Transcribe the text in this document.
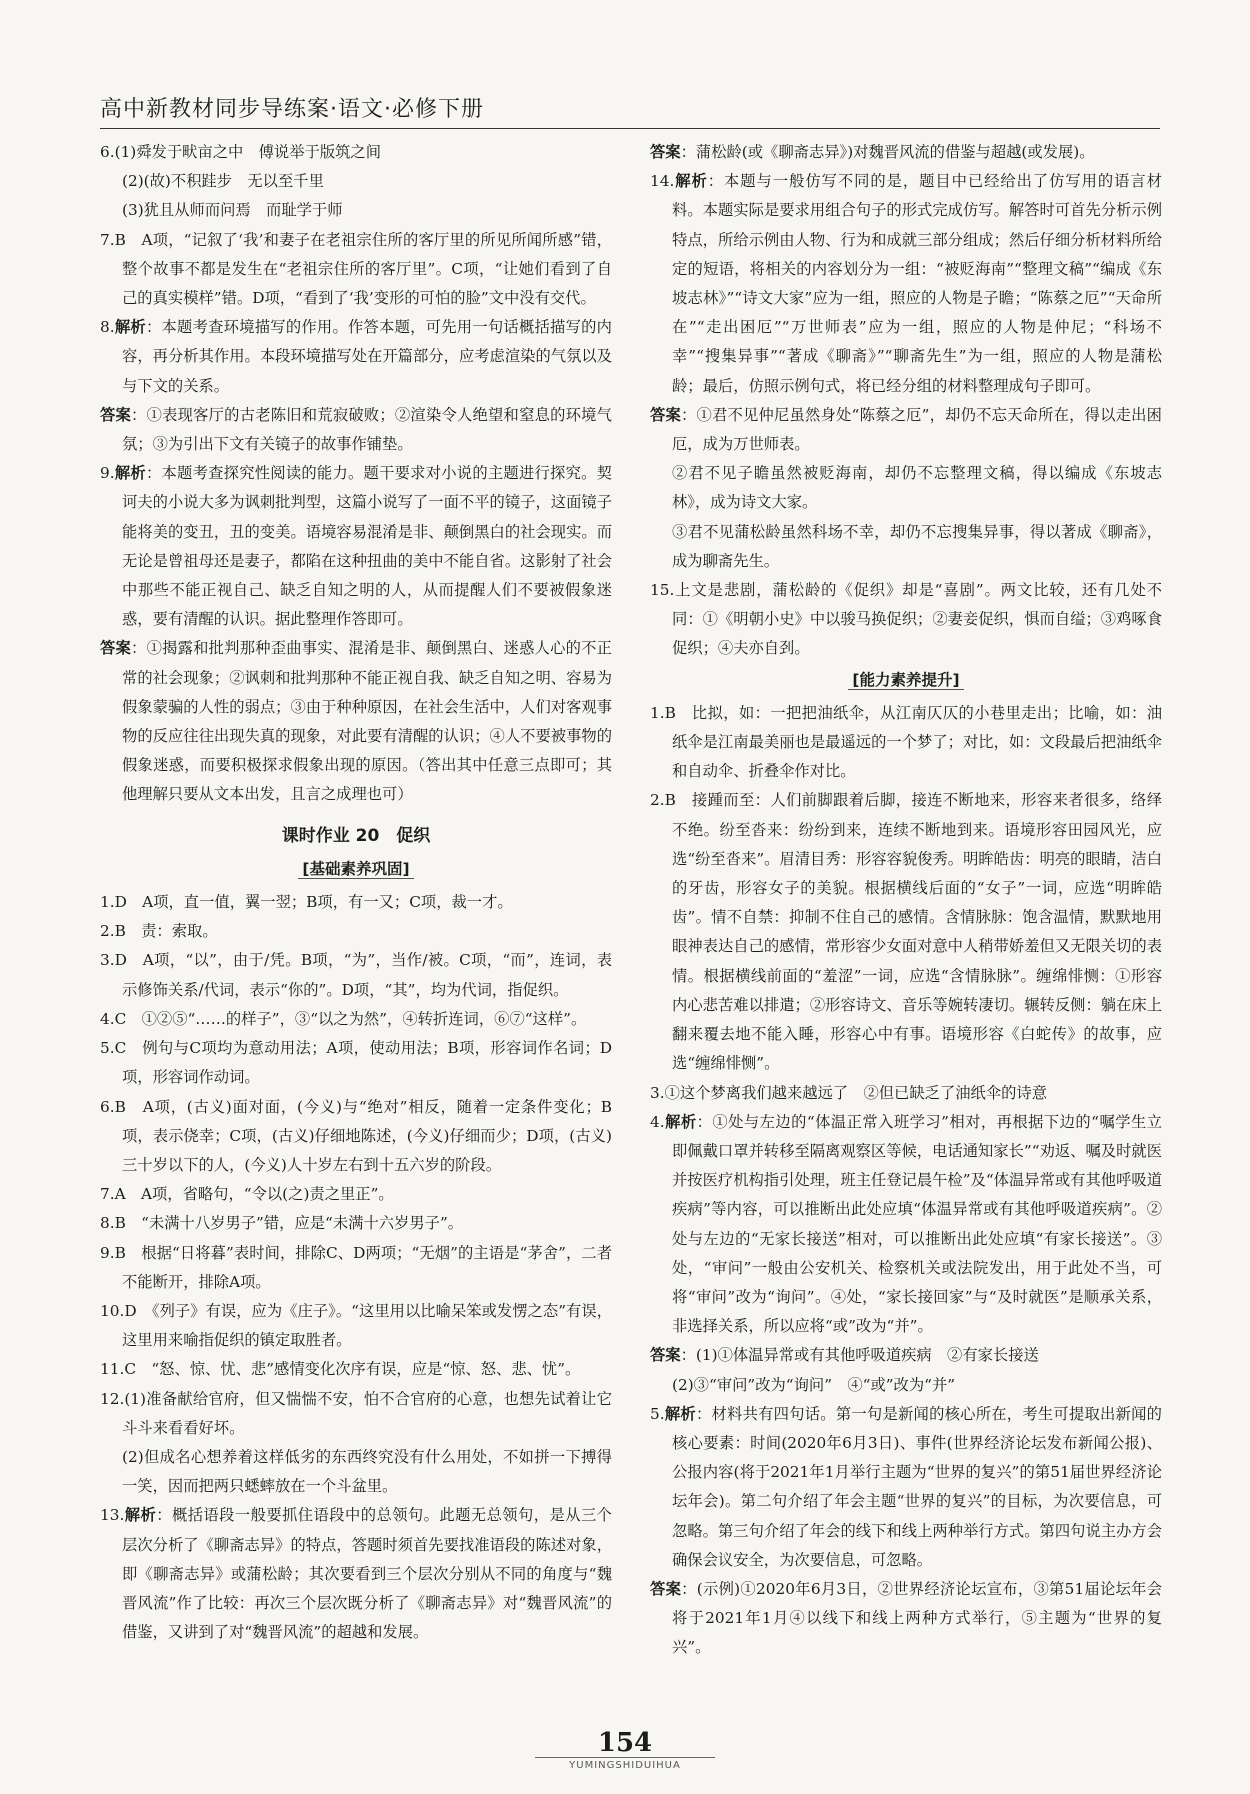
高中新教材同步导练案·语文·必修下册

6.(1)舜发于畎亩之中　傅说举于版筑之间

(2)(故)不积跬步　无以至千里

(3)犹且从师而问焉　而耻学于师

7.B　A项，“记叙了‘我’和妻子在老祖宗住所的客厅里的所见所闻所感”错，整个故事不都是发生在“老祖宗住所的客厅里”。C项，“让她们看到了自己的真实模样”错。D项，“看到了‘我’变形的可怕的脸”文中没有交代。

8.解析：本题考查环境描写的作用。作答本题，可先用一句话概括描写的内容，再分析其作用。本段环境描写处在开篇部分，应考虑渲染的气氛以及与下文的关系。

答案：①表现客厅的古老陈旧和荒寂破败；②渲染令人绝望和窒息的环境气氛；③为引出下文有关镜子的故事作铺垫。

9.解析：本题考查探究性阅读的能力。题干要求对小说的主题进行探究。契诃夫的小说大多为讽刺批判型，这篇小说写了一面不平的镜子，这面镜子能将美的变丑，丑的变美。语境容易混淆是非、颠倒黑白的社会现实。而无论是曾祖母还是妻子，都陷在这种扭曲的美中不能自省。这影射了社会中那些不能正视自己、缺乏自知之明的人，从而提醒人们不要被假象迷惑，要有清醒的认识。据此整理作答即可。

答案：①揭露和批判那种歪曲事实、混淆是非、颠倒黑白、迷惑人心的不正常的社会现象；②讽刺和批判那种不能正视自我、缺乏自知之明、容易为假象蒙骗的人性的弱点；③由于种种原因，在社会生活中，人们对客观事物的反应往往出现失真的现象，对此要有清醒的认识；④人不要被事物的假象迷惑，而要积极探求假象出现的原因。（答出其中任意三点即可；其他理解只要从文本出发，且言之成理也可）

课时作业 20　促织
[基础素养巩固]

1.D　A项，直一值，翼一翌；B项，有一又；C项，裁一才。

2.B　责：索取。

3.D　A项，“以”，由于/凭。B项，“为”，当作/被。C项，“而”，连词，表示修饰关系/代词，表示“你的”。D项，“其”，均为代词，指促织。

4.C　①②⑤“……的样子”，③“以之为然”，④转折连词，⑥⑦“这样”。

5.C　例句与C项均为意动用法；A项，使动用法；B项，形容词作名词；D项，形容词作动词。

6.B　A项，(古义)面对面，(今义)与“绝对”相反，随着一定条件变化；B项，表示侥幸；C项，(古义)仔细地陈述，(今义)仔细而少；D项，(古义)三十岁以下的人，(今义)人十岁左右到十五六岁的阶段。

7.A　A项，省略句，“令以(之)责之里正”。

8.B　“未满十八岁男子”错，应是“未满十六岁男子”。

9.B　根据“日将暮”表时间，排除C、D两项；“无烟”的主语是“茅舍”，二者不能断开，排除A项。

10.D　《列子》有误，应为《庄子》。“这里用以比喻呆笨或发愣之态”有误，这里用来喻指促织的镇定取胜者。

11.C　“怒、惊、忧、悲”感情变化次序有误，应是“惊、怒、悲、忧”。

12.(1)准备献给官府，但又惴惴不安，怕不合官府的心意，也想先试着让它斗斗来看看好坏。

(2)但成名心想养着这样低劣的东西终究没有什么用处，不如拼一下搏得一笑，因而把两只蟋蟀放在一个斗盆里。

13.解析：概括语段一般要抓住语段中的总领句。此题无总领句，是从三个层次分析了《聊斋志异》的特点，答题时须首先要找准语段的陈述对象，即《聊斋志异》或蒲松龄；其次要看到三个层次分别从不同的角度与“魏晋风流”作了比较：再次三个层次既分析了《聊斋志异》对“魏晋风流”的借鉴，又讲到了对“魏晋风流”的超越和发展。

答案：蒲松龄(或《聊斋志异》)对魏晋风流的借鉴与超越(或发展)。

14.解析：本题与一般仿写不同的是，题目中已经给出了仿写用的语言材料。本题实际是要求用组合句子的形式完成仿写。解答时可首先分析示例特点，所给示例由人物、行为和成就三部分组成；然后仔细分析材料所给定的短语，将相关的内容划分为一组：“被贬海南”“整理文稿”“编成《东坡志林》”“诗文大家”应为一组，照应的人物是子瞻；“陈蔡之厄”“天命所在”“走出困厄”“万世师表”应为一组，照应的人物是仲尼；“科场不幸”“搜集异事”“著成《聊斋》”“聊斋先生”为一组，照应的人物是蒲松龄；最后，仿照示例句式，将已经分组的材料整理成句子即可。

答案：①君不见仲尼虽然身处“陈蔡之厄”，却仍不忘天命所在，得以走出困厄，成为万世师表。

②君不见子瞻虽然被贬海南，却仍不忘整理文稿，得以编成《东坡志林》，成为诗文大家。

③君不见蒲松龄虽然科场不幸，却仍不忘搜集异事，得以著成《聊斋》，成为聊斋先生。

15.上文是悲剧，蒲松龄的《促织》却是“喜剧”。两文比较，还有几处不同：①《明朝小史》中以骏马换促织；②妻妾促织，惧而自缢；③鸡啄食促织；④夫亦自刭。

[能力素养提升]

1.B　比拟，如：一把把油纸伞，从江南仄仄的小巷里走出；比喻，如：油纸伞是江南最美丽也是最遥远的一个梦了；对比，如：文段最后把油纸伞和自动伞、折叠伞作对比。

2.B　接踵而至：人们前脚跟着后脚，接连不断地来，形容来者很多，络绎不绝。纷至沓来：纷纷到来，连续不断地到来。语境形容田园风光，应选“纷至沓来”。眉清目秀：形容容貌俊秀。明眸皓齿：明亮的眼睛，洁白的牙齿，形容女子的美貌。根据横线后面的“女子”一词，应选“明眸皓齿”。情不自禁：抑制不住自己的感情。含情脉脉：饱含温情，默默地用眼神表达自己的感情，常形容少女面对意中人稍带娇羞但又无限关切的表情。根据横线前面的“羞涩”一词，应选“含情脉脉”。缠绵悱恻：①形容内心悲苦难以排遣；②形容诗文、音乐等婉转凄切。辗转反侧：躺在床上翻来覆去地不能入睡，形容心中有事。语境形容《白蛇传》的故事，应选“缠绵悱恻”。

3.①这个梦离我们越来越远了　②但已缺乏了油纸伞的诗意

4.解析：①处与左边的“体温正常入班学习”相对，再根据下边的“嘱学生立即佩戴口罩并转移至隔离观察区等候，电话通知家长”“劝返、嘱及时就医并按医疗机构指引处理，班主任登记晨午检”及“体温异常或有其他呼吸道疾病”等内容，可以推断出此处应填“体温异常或有其他呼吸道疾病”。②处与左边的“无家长接送”相对，可以推断出此处应填“有家长接送”。③处，“审问”一般由公安机关、检察机关或法院发出，用于此处不当，可将“审问”改为“询问”。④处，“家长接回家”与“及时就医”是顺承关系，非选择关系，所以应将“或”改为“并”。

答案：(1)①体温异常或有其他呼吸道疾病　②有家长接送

(2)③“审问”改为“询问”　④“或”改为“并”

5.解析：材料共有四句话。第一句是新闻的核心所在，考生可提取出新闻的核心要素：时间(2020年6月3日)、事件(世界经济论坛发布新闻公报)、公报内容(将于2021年1月举行主题为“世界的复兴”的第51届世界经济论坛年会)。第二句介绍了年会主题“世界的复兴”的目标，为次要信息，可忽略。第三句介绍了年会的线下和线上两种举行方式。第四句说主办方会确保会议安全，为次要信息，可忽略。

答案：(示例)①2020年6月3日，②世界经济论坛宣布，③第51届论坛年会将于2021年1月④以线下和线上两种方式举行，⑤主题为“世界的复兴”。

154
YUMINGSHIDUIHUA
